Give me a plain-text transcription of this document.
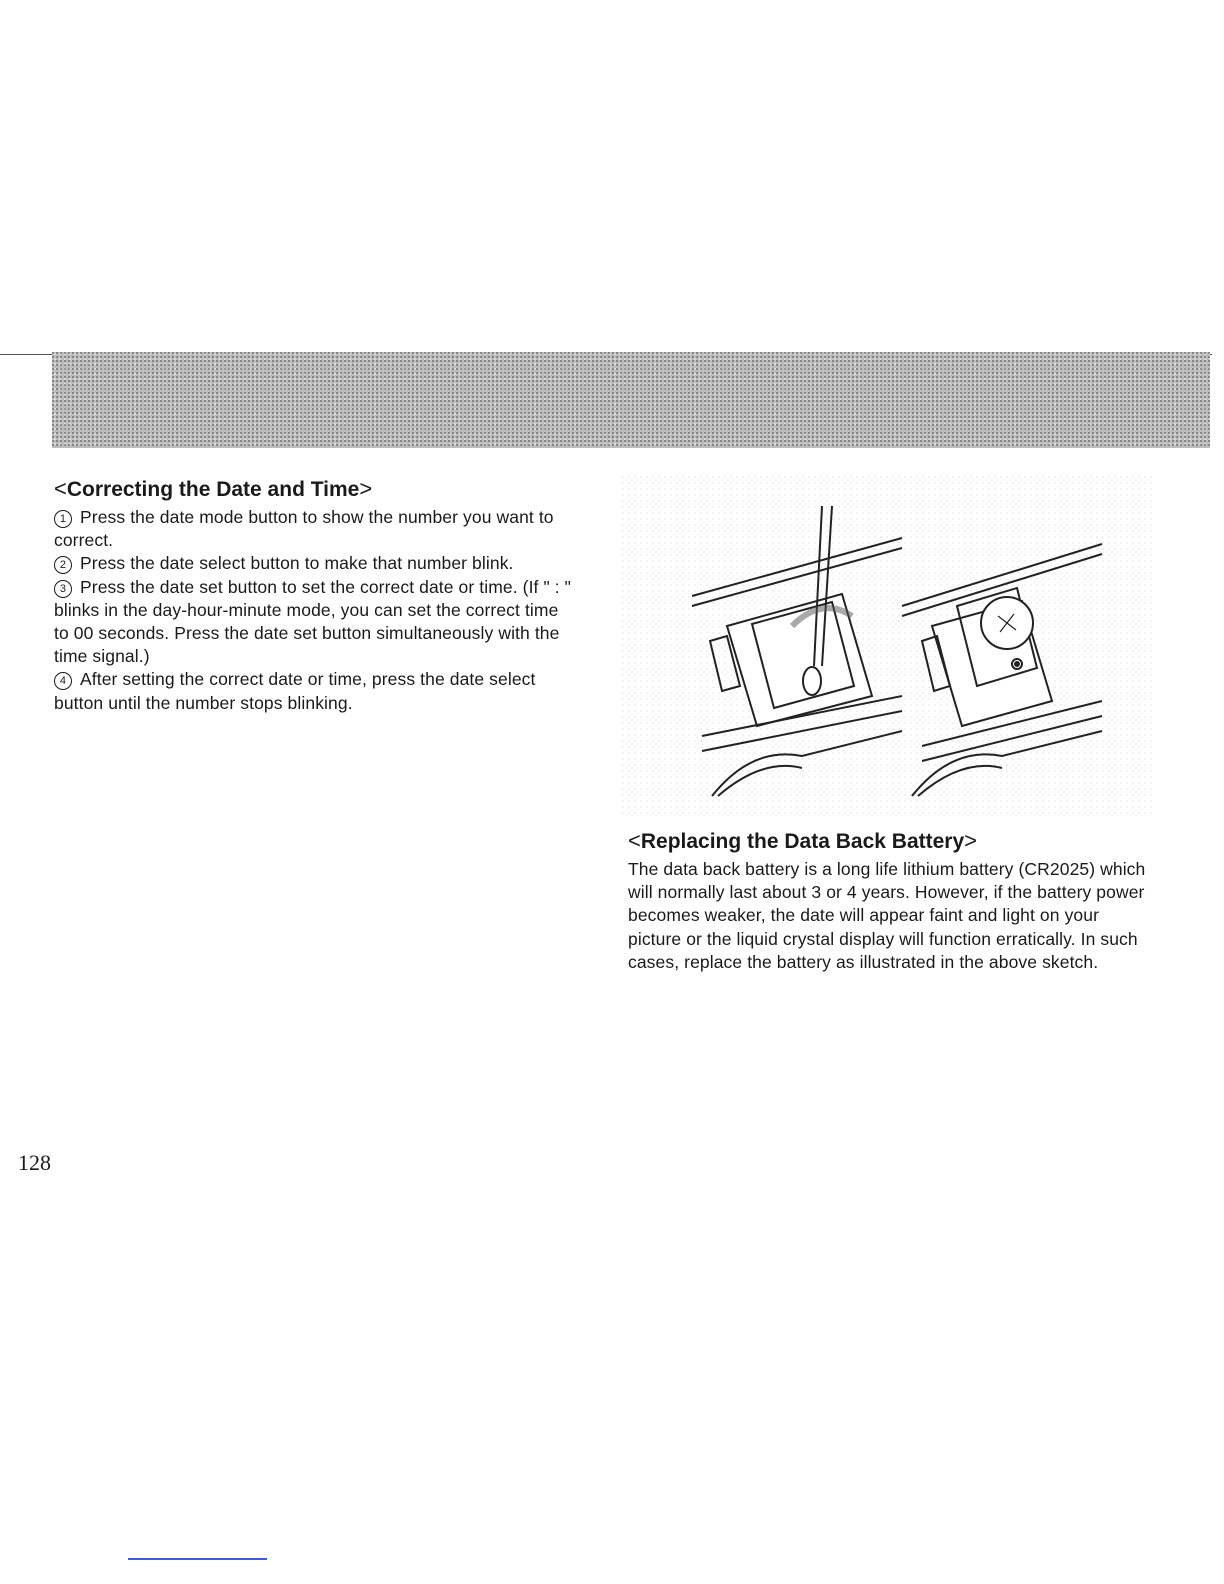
<Correcting the Date and Time>

1 Press the date mode button to show the number you want to correct.

2 Press the date select button to make that number blink.

3 Press the date set button to set the correct date or time. (If " : " blinks in the day-hour-minute mode, you can set the correct time to 00 seconds. Press the date set button simultaneously with the time signal.)

4 After setting the correct date or time, press the date select button until the number stops blinking.

<Replacing the Data Back Battery>

The data back battery is a long life lithium battery (CR2025) which will normally last about 3 or 4 years. However, if the battery power becomes weaker, the date will appear faint and light on your picture or the liquid crystal display will function erratically. In such cases, replace the battery as illustrated in the above sketch.

128
